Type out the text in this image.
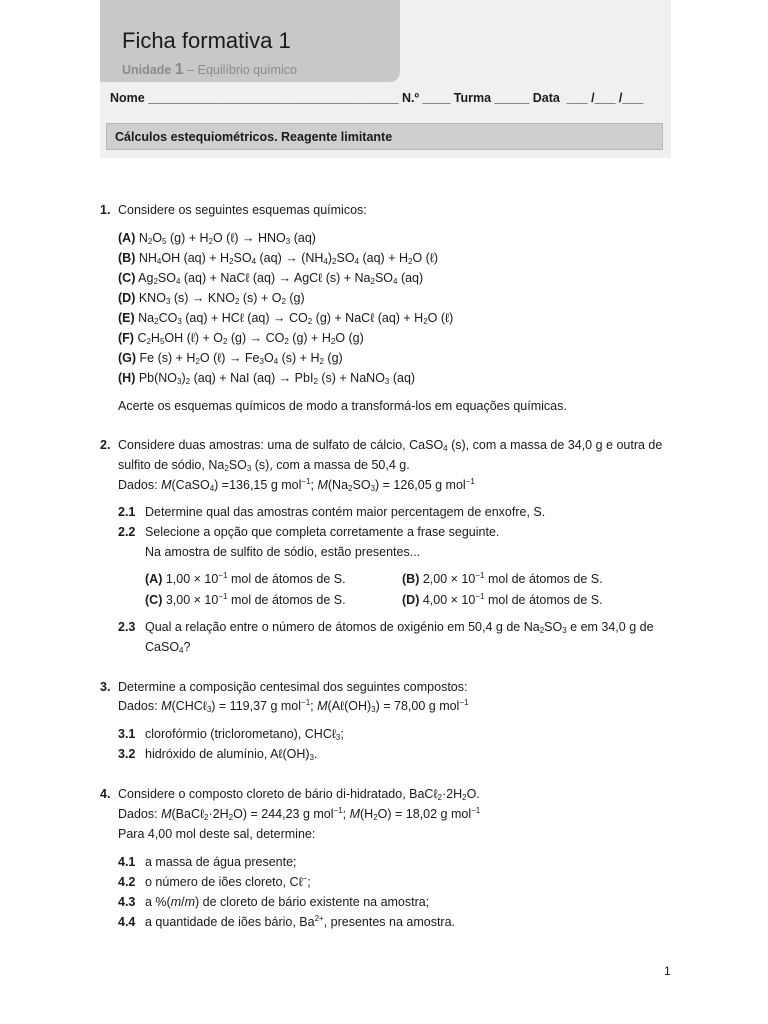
Ficha formativa 1
Unidade 1 – Equilíbrio químico
Nome ____________________________________ N.º ____ Turma _____ Data  ___ /___ /___
Cálculos estequiométricos. Reagente limitante
1. Considere os seguintes esquemas químicos:
(A) $N_2O_5$ $(g) + H_2O$ (ℓ) → $HNO_3$ (aq)
(B) $NH_4OH$ $(aq) + H_2SO_4$ $(aq) \to (NH_4)_2SO_4$ $(aq) + H_2O$ (ℓ)
(C) $Ag_2SO_4$ (aq) + NaCℓ (aq) → AgCℓ $(s) + Na_2SO_4$ (aq)
(D) $KNO_3$ $(s) \to KNO_2$ $(s) + O_2$ (g)
(E) $Na_2CO_3$ (aq) + HCℓ $(aq) \to CO_2$ (g) + NaCℓ $(aq) + H_2O$ (ℓ)
(F) $C_2H_5OH$ (ℓ) + $O_2$ $(g) \to CO_2$ $(g) + H_2O$ (g)
(G) Fe $(s) + H_2O$ (ℓ) → $Fe_3O_4$ $(s) + H_2$ (g)
(H) $Pb(NO_3)_2$ (aq) + NaI (aq) → PbI$_2$ (s) + NaNO$_3$ (aq)
Acerte os esquemas químicos de modo a transformá-los em equações químicas.
2. Considere duas amostras: uma de sulfato de cálcio, CaSO$_4$ (s), com a massa de 34,0 g e outra de
sulfito de sódio, $Na_2SO_3$ (s), com a massa de 50,4 g.
Dados: M(CaSO$_4$) =136,15 g mol$^{-1}$; $M(Na_2SO_3) = 126,05$ g mol$^{-1}$
2.1 Determine qual das amostras contém maior percentagem de enxofre, S.
2.2 Selecione a opção que completa corretamente a frase seguinte.
Na amostra de sulfito de sódio, estão presentes...
(A) $1,00 \times 10^{-1}$ mol de átomos de S.	(B) $2,00 \times 10^{-1}$ mol de átomos de S.
(C) $3,00 \times 10^{-1}$ mol de átomos de S.	(D) $4,00 \times 10^{-1}$ mol de átomos de S.
2.3 Qual a relação entre o número de átomos de oxigénio em 50,4 g de $Na_2SO_3$ e em 34,0 g de
CaSO$_4$?
3. Determine a composição centesimal dos seguintes compostos:
Dados: M(CHCℓ$_3$) = 119,37 g mol$^{-1}$; $M(A\ell(OH)_3) = 78,00$ g mol$^{-1}$
3.1 clorofórmio (triclorometano), CHCℓ$_3$;
3.2 hidróxido de alumínio, $A\ell(OH)_3$.
4. Considere o composto cloreto de bário di-hidratado, $BaC\ell_2\cdot 2H_2O$.
Dados: $M(BaC\ell_2\cdot 2H_2O) = 244,23$ g mol$^{-1}$; $M(H_2O) = 18,02$ g mol$^{-1}$
Para 4,00 mol deste sal, determine:
4.1 a massa de água presente;
4.2 o número de iões cloreto, Cℓ−;
4.3 a %(m/m) de cloreto de bário existente na amostra;
4.4 a quantidade de iões bário, $Ba^{2+}$, presentes na amostra.
1
